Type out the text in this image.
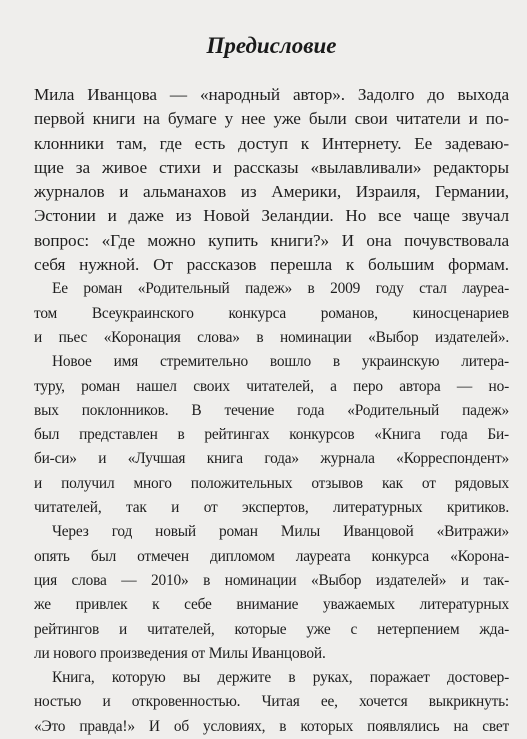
Предисловие
Мила Иванцова — «народный автор». Задолго до выхода
первой книги на бумаге у нее уже были свои читатели и по-
клонники там, где есть доступ к Интернету. Ее задеваю-
щие за живое стихи и рассказы «вылавливали» редакторы
журналов и альманахов из Америки, Израиля, Германии,
Эстонии и даже из Новой Зеландии. Но все чаще звучал
вопрос: «Где можно купить книги?» И она почувствовала
себя нужной. От рассказов перешла к большим формам.
Ее роман «Родительный падеж» в 2009 году стал лауреа-
том Всеукраинского конкурса романов, киносценариев
и пьес «Коронация слова» в номинации «Выбор издателей».
Новое имя стремительно вошло в украинскую литера-
туру, роман нашел своих читателей, а перо автора — но-
вых поклонников. В течение года «Родительный падеж»
был представлен в рейтингах конкурсов «Книга года Би-
би-си» и «Лучшая книга года» журнала «Корреспондент»
и получил много положительных отзывов как от рядовых
читателей, так и от экспертов, литературных критиков.
Через год новый роман Милы Иванцовой «Витражи»
опять был отмечен дипломом лауреата конкурса «Корона-
ция слова — 2010» в номинации «Выбор издателей» и так-
же привлек к себе внимание уважаемых литературных
рейтингов и читателей, которые уже с нетерпением ждa-
ли нового произведения от Милы Иванцовой.
Книга, которую вы держите в руках, поражает достовер-
ностью и откровенностью. Читая ее, хочется выкрикнуть:
«Это правда!» И об условиях, в которых появлялись на свет
